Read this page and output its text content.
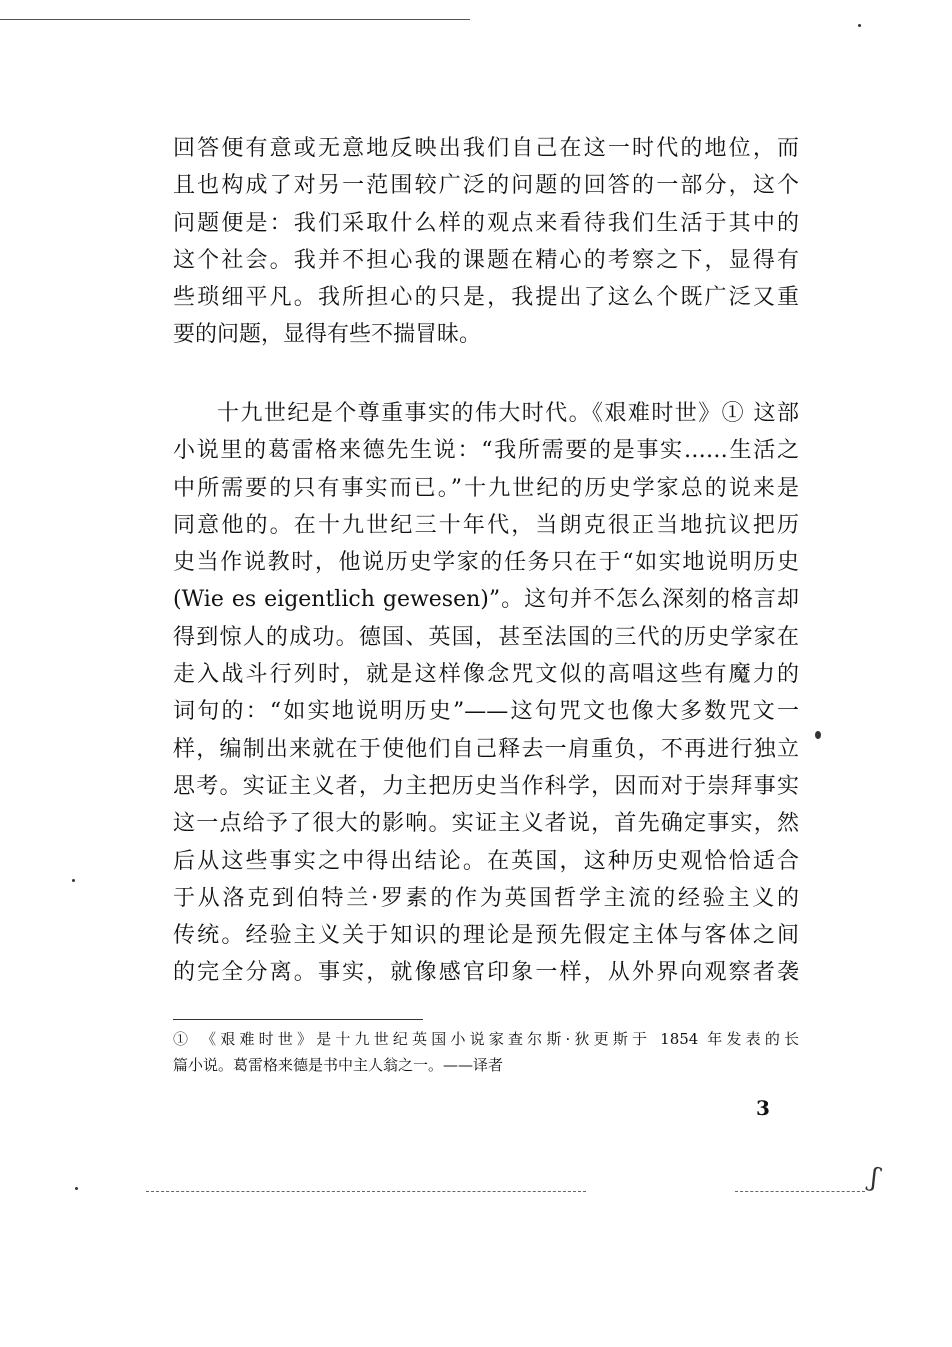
回答便有意或无意地反映出我们自己在这一时代的地位，而
且也构成了对另一范围较广泛的问题的回答的一部分，这个
问题便是：我们采取什么样的观点来看待我们生活于其中的
这个社会。我并不担心我的课题在精心的考察之下，显得有
些琐细平凡。我所担心的只是，我提出了这么个既广泛又重
要的问题，显得有些不揣冒昧。
十九世纪是个尊重事实的伟大时代。《艰难时世》① 这部
小说里的葛雷格来德先生说：“我所需要的是事实……生活之
中所需要的只有事实而已。”十九世纪的历史学家总的说来是
同意他的。在十九世纪三十年代，当朗克很正当地抗议把历
史当作说教时，他说历史学家的任务只在于“如实地说明历史
(Wie es eigentlich gewesen)”。这句并不怎么深刻的格言却
得到惊人的成功。德国、英国，甚至法国的三代的历史学家在
走入战斗行列时，就是这样像念咒文似的高唱这些有魔力的
词句的：“如实地说明历史”——这句咒文也像大多数咒文一
样，编制出来就在于使他们自己释去一肩重负，不再进行独立
思考。实证主义者，力主把历史当作科学，因而对于崇拜事实
这一点给予了很大的影响。实证主义者说，首先确定事实，然
后从这些事实之中得出结论。在英国，这种历史观恰恰适合
于从洛克到伯特兰·罗素的作为英国哲学主流的经验主义的
传统。经验主义关于知识的理论是预先假定主体与客体之间
的完全分离。事实，就像感官印象一样，从外界向观察者袭
① 《艰难时世》是十九世纪英国小说家查尔斯·狄更斯于 1854 年发表的长
篇小说。葛雷格来德是书中主人翁之一。——译者
3
ʃ
